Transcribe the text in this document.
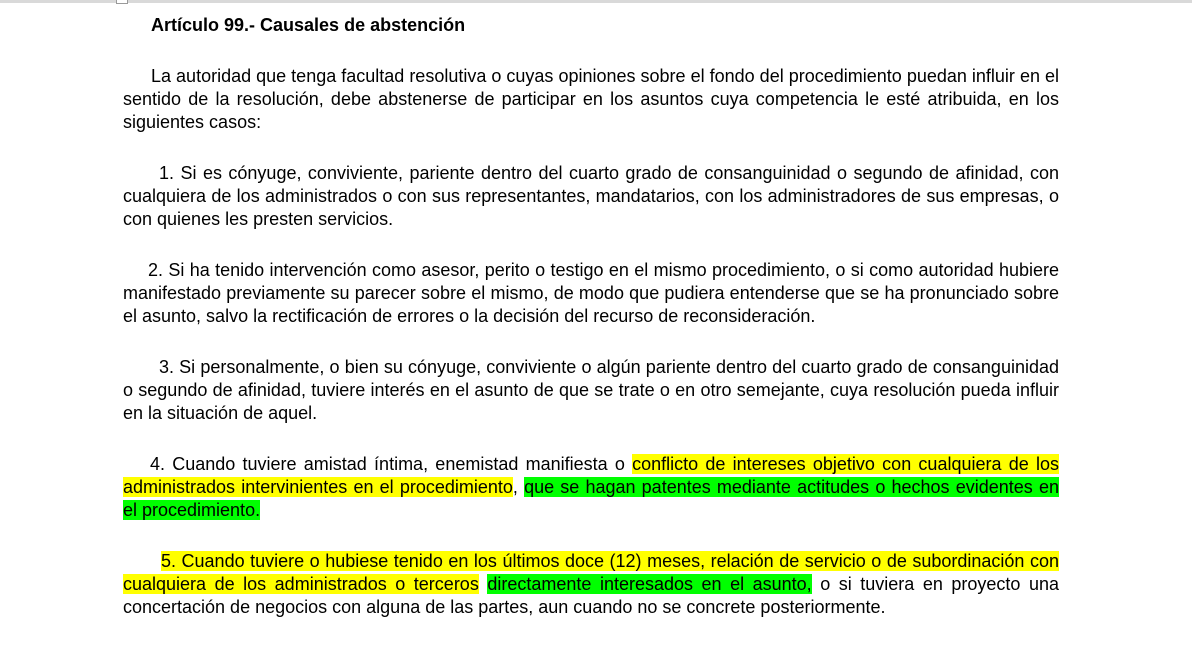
Artículo 99.- Causales de abstención

La autoridad que tenga facultad resolutiva o cuyas opiniones sobre el fondo del procedimiento puedan influir en el sentido de la resolución, debe abstenerse de participar en los asuntos cuya competencia le esté atribuida, en los siguientes casos:

1. Si es cónyuge, conviviente, pariente dentro del cuarto grado de consanguinidad o segundo de afinidad, con cualquiera de los administrados o con sus representantes, mandatarios, con los administradores de sus empresas, o con quienes les presten servicios.

2. Si ha tenido intervención como asesor, perito o testigo en el mismo procedimiento, o si como autoridad hubiere manifestado previamente su parecer sobre el mismo, de modo que pudiera entenderse que se ha pronunciado sobre el asunto, salvo la rectificación de errores o la decisión del recurso de reconsideración.

3. Si personalmente, o bien su cónyuge, conviviente o algún pariente dentro del cuarto grado de consanguinidad o segundo de afinidad, tuviere interés en el asunto de que se trate o en otro semejante, cuya resolución pueda influir en la situación de aquel.

4. Cuando tuviere amistad íntima, enemistad manifiesta o conflicto de intereses objetivo con cualquiera de los administrados intervinientes en el procedimiento, que se hagan patentes mediante actitudes o hechos evidentes en el procedimiento.

5. Cuando tuviere o hubiese tenido en los últimos doce (12) meses, relación de servicio o de subordinación con cualquiera de los administrados o terceros directamente interesados en el asunto, o si tuviera en proyecto una concertación de negocios con alguna de las partes, aun cuando no se concrete posteriormente.
